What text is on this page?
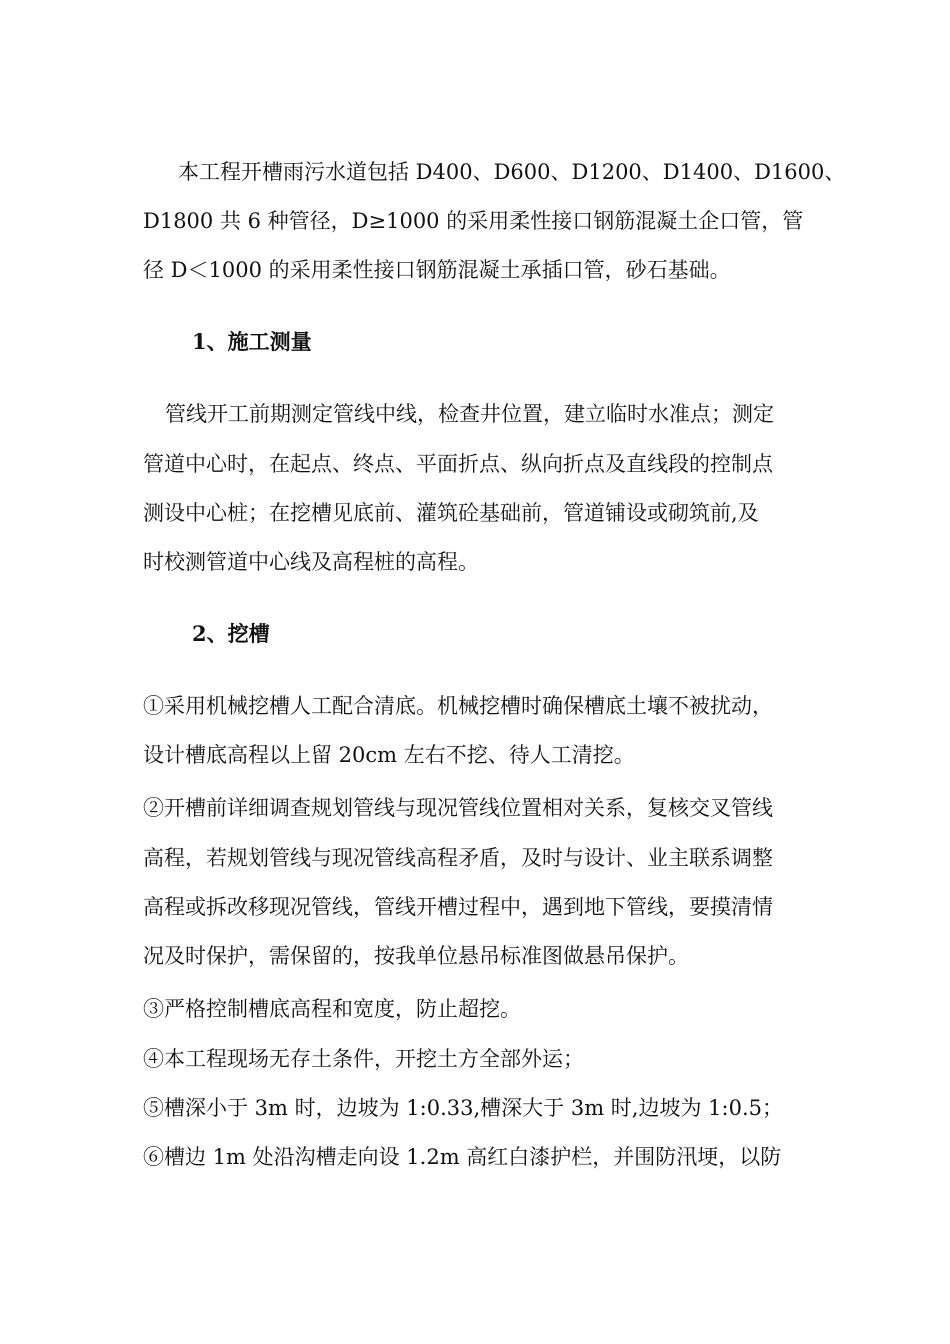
本工程开槽雨污水道包括 D400、D600、D1200、D1400、D1600、
D1800 共 6 种管径，D≥1000 的采用柔性接口钢筋混凝土企口管，管
径 D＜1000 的采用柔性接口钢筋混凝土承插口管，砂石基础。
1、施工测量
管线开工前期测定管线中线，检查井位置，建立临时水准点；测定
管道中心时，在起点、终点、平面折点、纵向折点及直线段的控制点
测设中心桩；在挖槽见底前、灌筑砼基础前，管道铺设或砌筑前,及
时校测管道中心线及高程桩的高程。
2、挖槽
①采用机械挖槽人工配合清底。机械挖槽时确保槽底土壤不被扰动，
设计槽底高程以上留 20cm 左右不挖、待人工清挖。
②开槽前详细调查规划管线与现况管线位置相对关系，复核交叉管线
高程，若规划管线与现况管线高程矛盾，及时与设计、业主联系调整
高程或拆改移现况管线，管线开槽过程中，遇到地下管线，要摸清情
况及时保护，需保留的，按我单位悬吊标准图做悬吊保护。
③严格控制槽底高程和宽度，防止超挖。
④本工程现场无存土条件，开挖土方全部外运；
⑤槽深小于 3m 时，边坡为 1:0.33,槽深大于 3m 时,边坡为 1:0.5；
⑥槽边 1m 处沿沟槽走向设 1.2m 高红白漆护栏，并围防汛埂，以防
